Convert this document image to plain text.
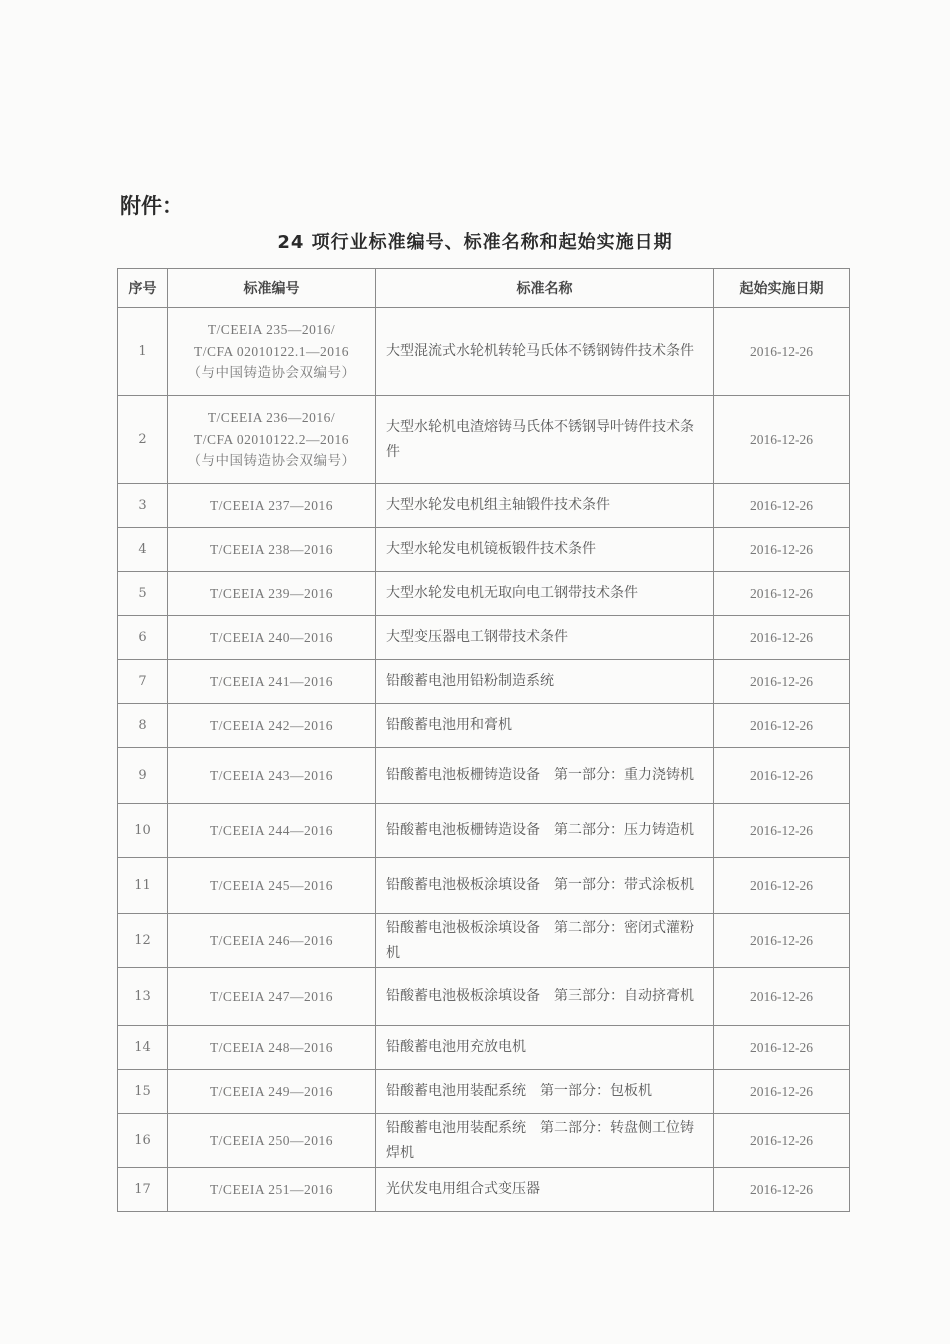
附件：
24 项行业标准编号、标准名称和起始实施日期
序号	标准编号	标准名称	起始实施日期
1	T/CEEIA 235—2016/
T/CFA 02010122.1—2016
（与中国铸造协会双编号）	大型混流式水轮机转轮马氏体不锈钢铸件技术条件	2016-12-26
2	T/CEEIA 236—2016/
T/CFA 02010122.2—2016
（与中国铸造协会双编号）	大型水轮机电渣熔铸马氏体不锈钢导叶铸件技术条件	2016-12-26
3	T/CEEIA 237—2016	大型水轮发电机组主轴锻件技术条件	2016-12-26
4	T/CEEIA 238—2016	大型水轮发电机镜板锻件技术条件	2016-12-26
5	T/CEEIA 239—2016	大型水轮发电机无取向电工钢带技术条件	2016-12-26
6	T/CEEIA 240—2016	大型变压器电工钢带技术条件	2016-12-26
7	T/CEEIA 241—2016	铅酸蓄电池用铅粉制造系统	2016-12-26
8	T/CEEIA 242—2016	铅酸蓄电池用和膏机	2016-12-26
9	T/CEEIA 243—2016	铅酸蓄电池板栅铸造设备　第一部分：重力浇铸机	2016-12-26
10	T/CEEIA 244—2016	铅酸蓄电池板栅铸造设备　第二部分：压力铸造机	2016-12-26
11	T/CEEIA 245—2016	铅酸蓄电池极板涂填设备　第一部分：带式涂板机	2016-12-26
12	T/CEEIA 246—2016	铅酸蓄电池极板涂填设备　第二部分：密闭式灌粉机	2016-12-26
13	T/CEEIA 247—2016	铅酸蓄电池极板涂填设备　第三部分：自动挤膏机	2016-12-26
14	T/CEEIA 248—2016	铅酸蓄电池用充放电机	2016-12-26
15	T/CEEIA 249—2016	铅酸蓄电池用装配系统　第一部分：包板机	2016-12-26
16	T/CEEIA 250—2016	铅酸蓄电池用装配系统　第二部分：转盘侧工位铸焊机	2016-12-26
17	T/CEEIA 251—2016	光伏发电用组合式变压器	2016-12-26
